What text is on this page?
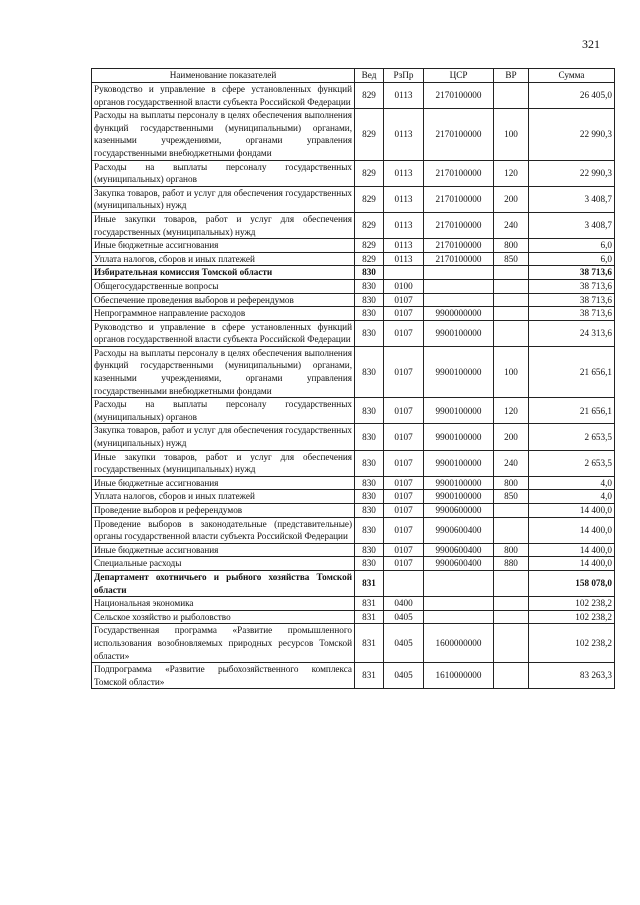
321
Наименование показателей	Вед	РзПр	ЦСР	ВР	Сумма
Руководство и управление в сфере установленных функций органов государственной власти субъекта Российской Федерации	829	0113	2170100000		26 405,0
Расходы на выплаты персоналу в целях обеспечения выполнения функций государственными (муниципальными) органами, казенными учреждениями, органами управления государственными внебюджетными фондами	829	0113	2170100000	100	22 990,3
Расходы на выплаты персоналу государственных (муниципальных) органов	829	0113	2170100000	120	22 990,3
Закупка товаров, работ и услуг для обеспечения государственных (муниципальных) нужд	829	0113	2170100000	200	3 408,7
Иные закупки товаров, работ и услуг для обеспечения государственных (муниципальных) нужд	829	0113	2170100000	240	3 408,7
Иные бюджетные ассигнования	829	0113	2170100000	800	6,0
Уплата налогов, сборов и иных платежей	829	0113	2170100000	850	6,0
Избирательная комиссия Томской области	830				38 713,6
Общегосударственные вопросы	830	0100			38 713,6
Обеспечение проведения выборов и референдумов	830	0107			38 713,6
Непрограммное направление расходов	830	0107	9900000000		38 713,6
Руководство и управление в сфере установленных функций органов государственной власти субъекта Российской Федерации	830	0107	9900100000		24 313,6
Расходы на выплаты персоналу в целях обеспечения выполнения функций государственными (муниципальными) органами, казенными учреждениями, органами управления государственными внебюджетными фондами	830	0107	9900100000	100	21 656,1
Расходы на выплаты персоналу государственных (муниципальных) органов	830	0107	9900100000	120	21 656,1
Закупка товаров, работ и услуг для обеспечения государственных (муниципальных) нужд	830	0107	9900100000	200	2 653,5
Иные закупки товаров, работ и услуг для обеспечения государственных (муниципальных) нужд	830	0107	9900100000	240	2 653,5
Иные бюджетные ассигнования	830	0107	9900100000	800	4,0
Уплата налогов, сборов и иных платежей	830	0107	9900100000	850	4,0
Проведение выборов и референдумов	830	0107	9900600000		14 400,0
Проведение выборов в законодательные (представительные) органы государственной власти субъекта Российской Федерации	830	0107	9900600400		14 400,0
Иные бюджетные ассигнования	830	0107	9900600400	800	14 400,0
Специальные расходы	830	0107	9900600400	880	14 400,0
Департамент охотничьего и рыбного хозяйства Томской области	831				158 078,0
Национальная экономика	831	0400			102 238,2
Сельское хозяйство и рыболовство	831	0405			102 238,2
Государственная программа «Развитие промышленного использования возобновляемых природных ресурсов Томской области»	831	0405	1600000000		102 238,2
Подпрограмма «Развитие рыбохозяйственного комплекса Томской области»	831	0405	1610000000		83 263,3
